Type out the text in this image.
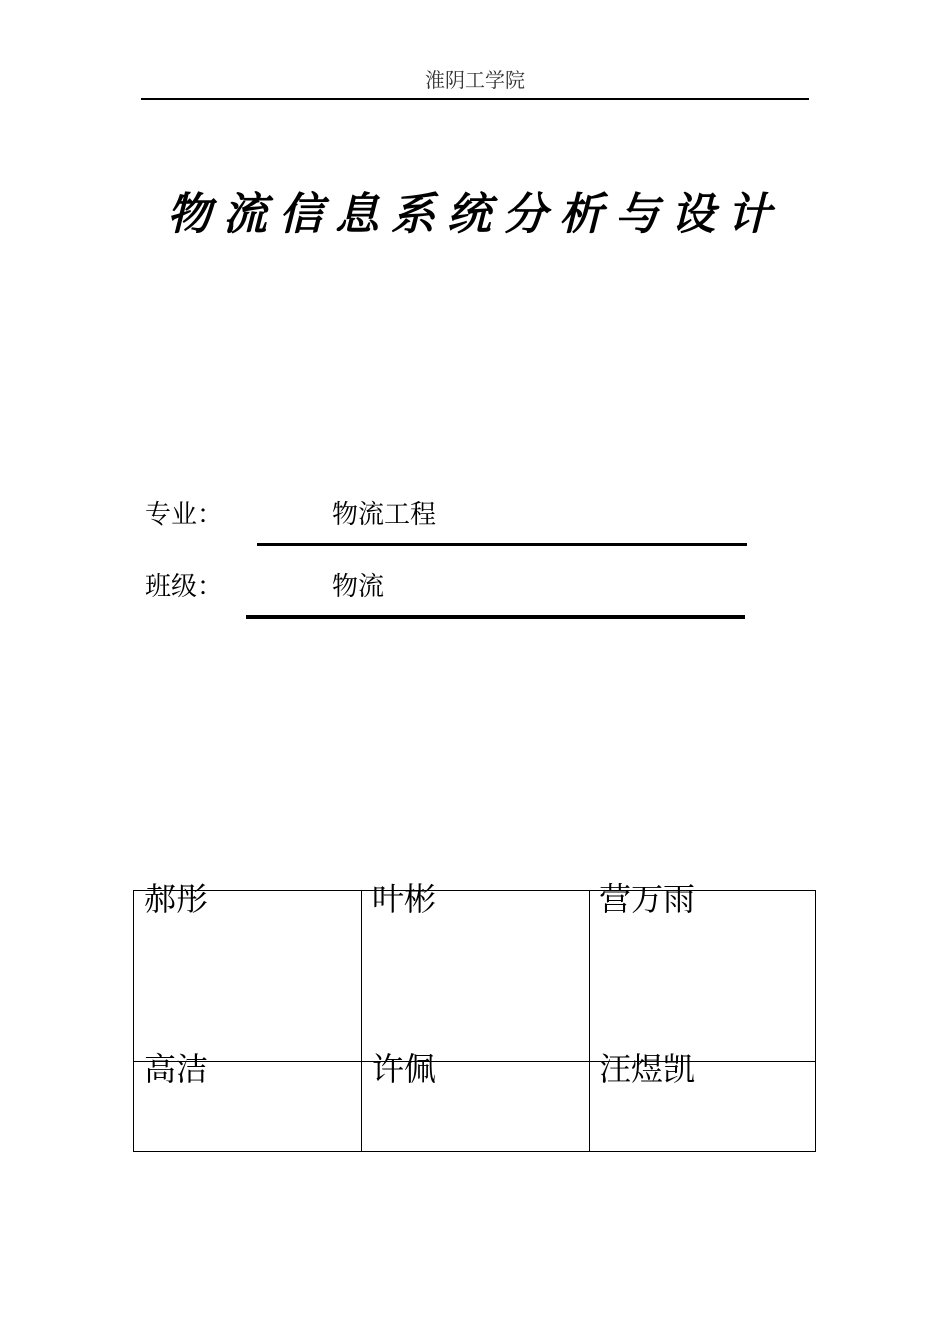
淮阴工学院
物流信息系统分析与设计
专业：	物流工程
班级：	物流
郝彤	叶彬	营万雨
高洁	许佩	汪煜凯
